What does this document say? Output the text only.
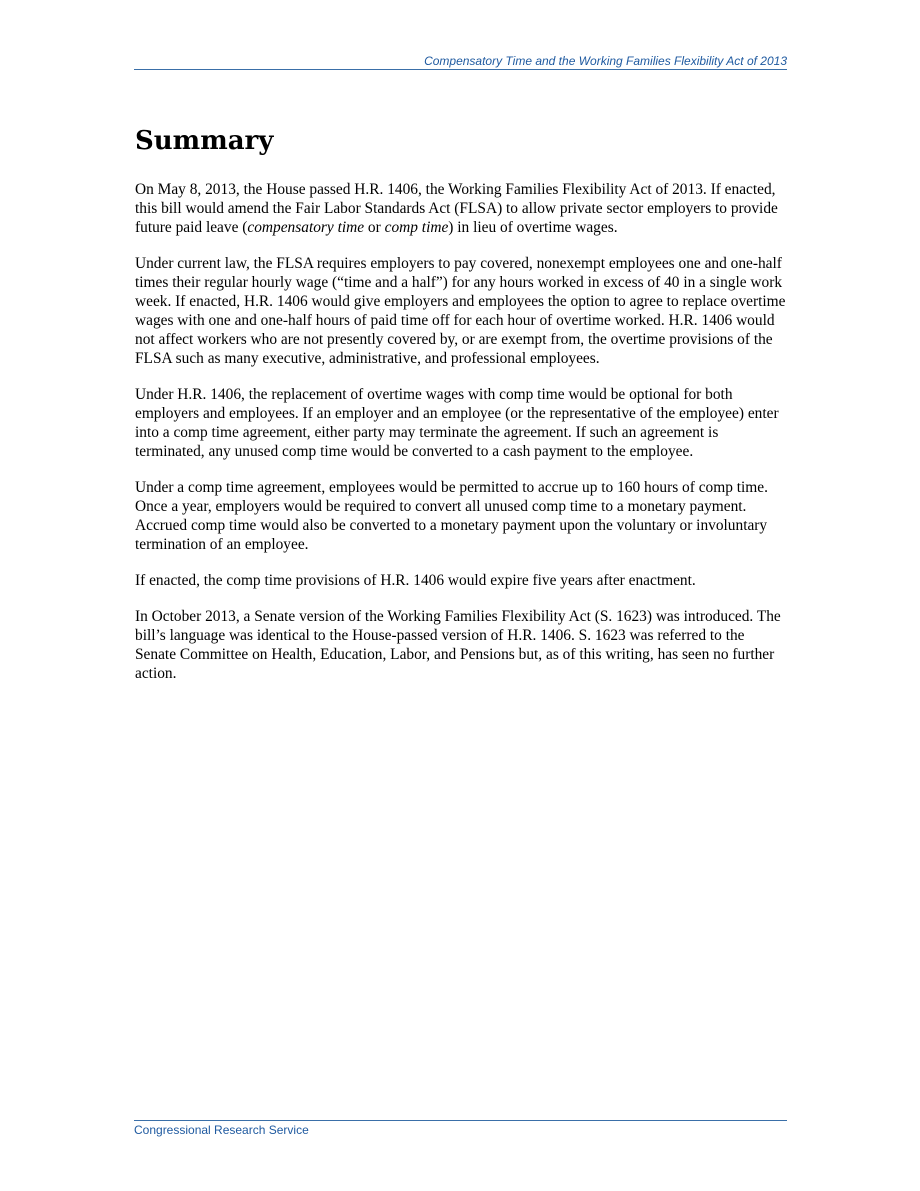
Compensatory Time and the Working Families Flexibility Act of 2013
Summary

On May 8, 2013, the House passed H.R. 1406, the Working Families Flexibility Act of 2013. If enacted, this bill would amend the Fair Labor Standards Act (FLSA) to allow private sector employers to provide future paid leave (compensatory time or comp time) in lieu of overtime wages.

Under current law, the FLSA requires employers to pay covered, nonexempt employees one and one-half times their regular hourly wage (“time and a half”) for any hours worked in excess of 40 in a single work week. If enacted, H.R. 1406 would give employers and employees the option to agree to replace overtime wages with one and one-half hours of paid time off for each hour of overtime worked. H.R. 1406 would not affect workers who are not presently covered by, or are exempt from, the overtime provisions of the FLSA such as many executive, administrative, and professional employees.

Under H.R. 1406, the replacement of overtime wages with comp time would be optional for both employers and employees. If an employer and an employee (or the representative of the employee) enter into a comp time agreement, either party may terminate the agreement. If such an agreement is terminated, any unused comp time would be converted to a cash payment to the employee.

Under a comp time agreement, employees would be permitted to accrue up to 160 hours of comp time. Once a year, employers would be required to convert all unused comp time to a monetary payment. Accrued comp time would also be converted to a monetary payment upon the voluntary or involuntary termination of an employee.

If enacted, the comp time provisions of H.R. 1406 would expire five years after enactment.

In October 2013, a Senate version of the Working Families Flexibility Act (S. 1623) was introduced. The bill’s language was identical to the House-passed version of H.R. 1406. S. 1623 was referred to the Senate Committee on Health, Education, Labor, and Pensions but, as of this writing, has seen no further action.

Congressional Research Service
